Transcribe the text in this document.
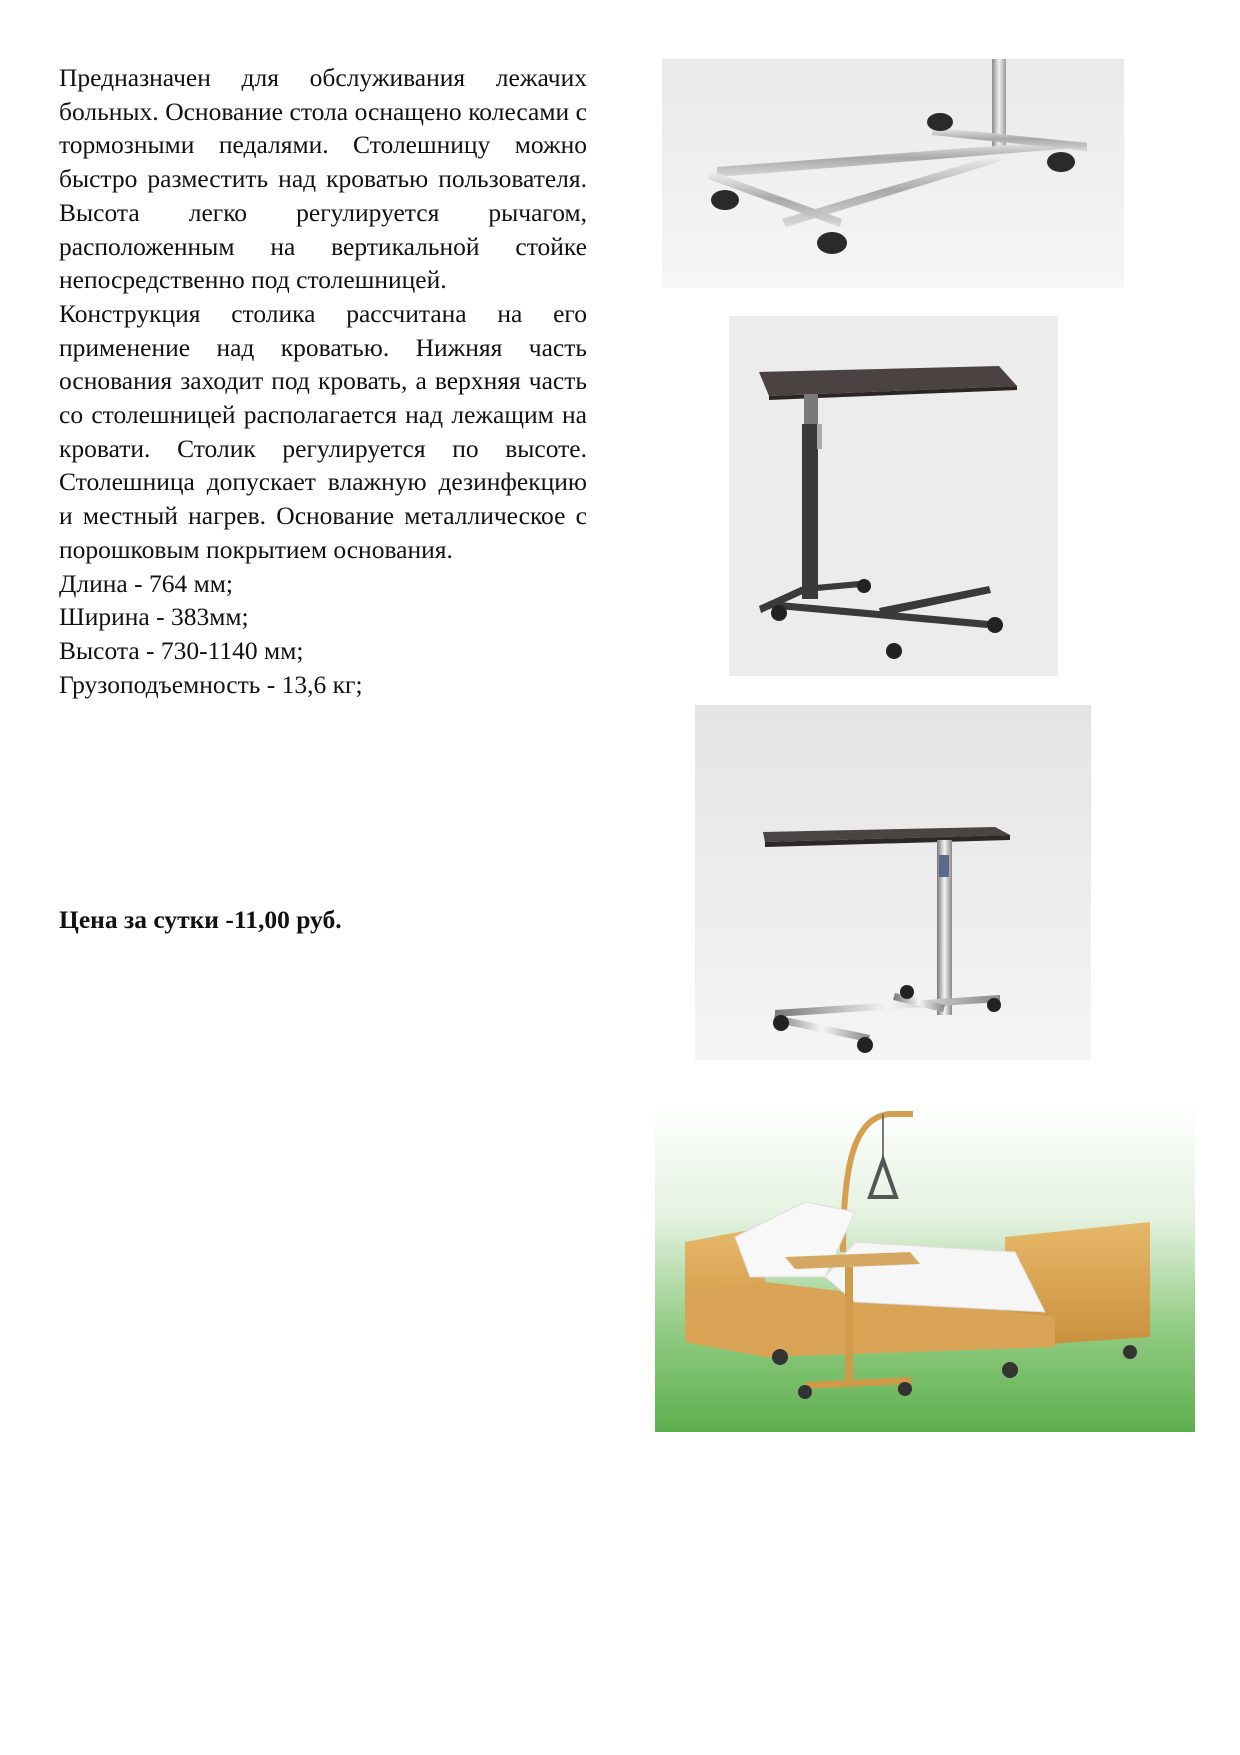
Предназначен для обслуживания лежачих больных. Основание стола оснащено колесами с тормозными педалями. Столешницу можно быстро разместить над кроватью пользователя. Высота легко регулируется рычагом, расположенным на вертикальной стойке непосредственно под столешницей.

Конструкция столика рассчитана на его применение над кроватью. Нижняя часть основания заходит под кровать, а верхняя часть со столешницей располагается над лежащим на кровати. Столик регулируется по высоте. Столешница допускает влажную дезинфекцию и местный нагрев. Основание металлическое с порошковым покрытием основания.

Длина - 764 мм;
Ширина - 383мм;
Высота - 730-1140 мм;
Грузоподъемность - 13,6 кг;
Цена за сутки -11,00 руб.
